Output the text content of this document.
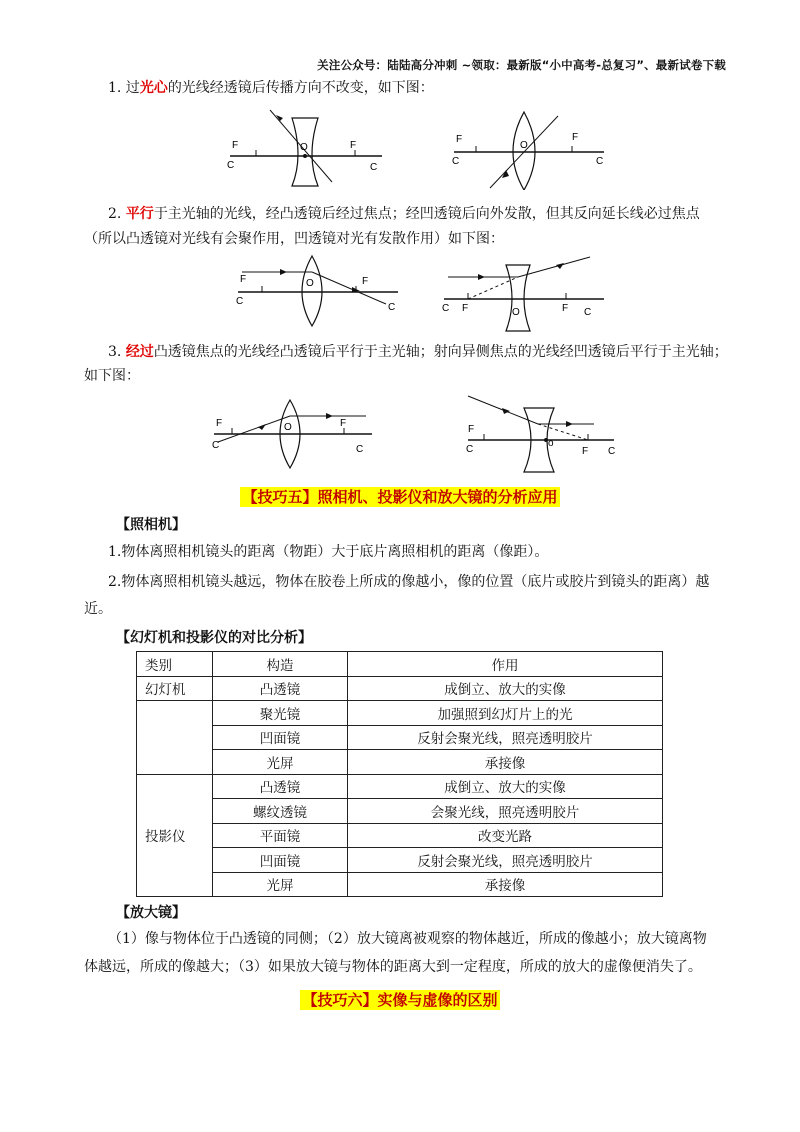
关注公众号：陆陆高分冲刺 ~领取：最新版“小中高考-总复习”、最新试卷下载
1. 过光心的光线经透镜后传播方向不改变，如下图：
F
C
O	F
C
F
C
O
F
C
2. 平行于主光轴的光线，经凸透镜后经过焦点；经凹透镜后向外发散，但其反向延长线必过焦点
（所以凸透镜对光线有会聚作用，凹透镜对光有发散作用）如下图：
F
C
O	F
C	C F	O	F C
3. 经过凸透镜焦点的光线经凸透镜后平行于主光轴；射向异侧焦点的光线经凹透镜后平行于主光轴；
如下图：
F
C
O	F
C
F
C
o
F C
【技巧五】照相机、投影仪和放大镜的分析应用
【照相机】
1.物体离照相机镜头的距离（物距）大于底片离照相机的距离（像距）。
2.物体离照相机镜头越远，物体在胶卷上所成的像越小，像的位置（底片或胶片到镜头的距离）越
近。
【幻灯机和投影仪的对比分析】
类别	构造	作用
幻灯机	凸透镜	成倒立、放大的实像
	聚光镜	加强照到幻灯片上的光
	凹面镜	反射会聚光线，照亮透明胶片
	光屏	承接像
投影仪	凸透镜	成倒立、放大的实像
	螺纹透镜	会聚光线，照亮透明胶片
	平面镜	改变光路
	凹面镜	反射会聚光线，照亮透明胶片
	光屏	承接像
【放大镜】
（1）像与物体位于凸透镜的同侧；（2）放大镜离被观察的物体越近，所成的像越小；放大镜离物
体越远，所成的像越大；（3）如果放大镜与物体的距离大到一定程度，所成的放大的虚像便消失了。
【技巧六】实像与虚像的区别
